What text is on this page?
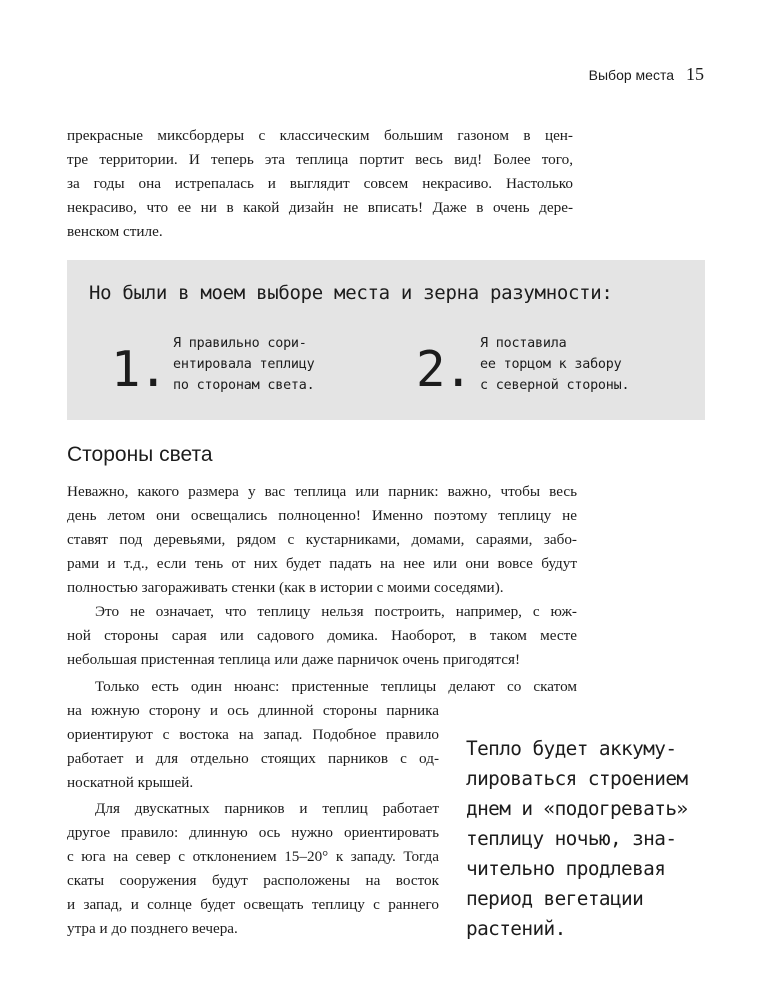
Выбор места 15

прекрасные миксбордеры с классическим большим газоном в цен-
тре территории. И теперь эта теплица портит весь вид! Более того,
за годы она истрепалась и выглядит совсем некрасиво. Настолько
некрасиво, что ее ни в какой дизайн не вписать! Даже в очень дере-
венском стиле.

Но были в моем выборе места и зерна разумности:
1. Я правильно сори-
ентировала теплицу
по сторонам света. 2. Я поставила
ее торцом к забору
с северной стороны.
Стороны света

Неважно, какого размера у вас теплица или парник: важно, чтобы весь
день летом они освещались полноценно! Именно поэтому теплицу не
ставят под деревьями, рядом с кустарниками, домами, сараями, забо-
рами и т.д., если тень от них будет падать на нее или они вовсе будут
полностью загораживать стенки (как в истории с моими соседями).

Это не означает, что теплицу нельзя построить, например, с юж-
ной стороны сарая или садового домика. Наоборот, в таком месте
небольшая пристенная теплица или даже парничок очень пригодятся!

Только есть один нюанс: пристенные теплицы делают со скатом
на южную сторону и ось длинной стороны парника
ориентируют с востока на запад. Подобное правило
работает и для отдельно стоящих парников с од-
носкатной крышей.

Для двускатных парников и теплиц работает
другое правило: длинную ось нужно ориентировать
с юга на север с отклонением 15–20° к западу. Тогда
скаты сооружения будут расположены на восток
и запад, и солнце будет освещать теплицу с раннего
утра и до позднего вечера.

Тепло будет аккуму-
лироваться строением
днем и «подогревать»
теплицу ночью, зна-
чительно продлевая
период вегетации
растений.
